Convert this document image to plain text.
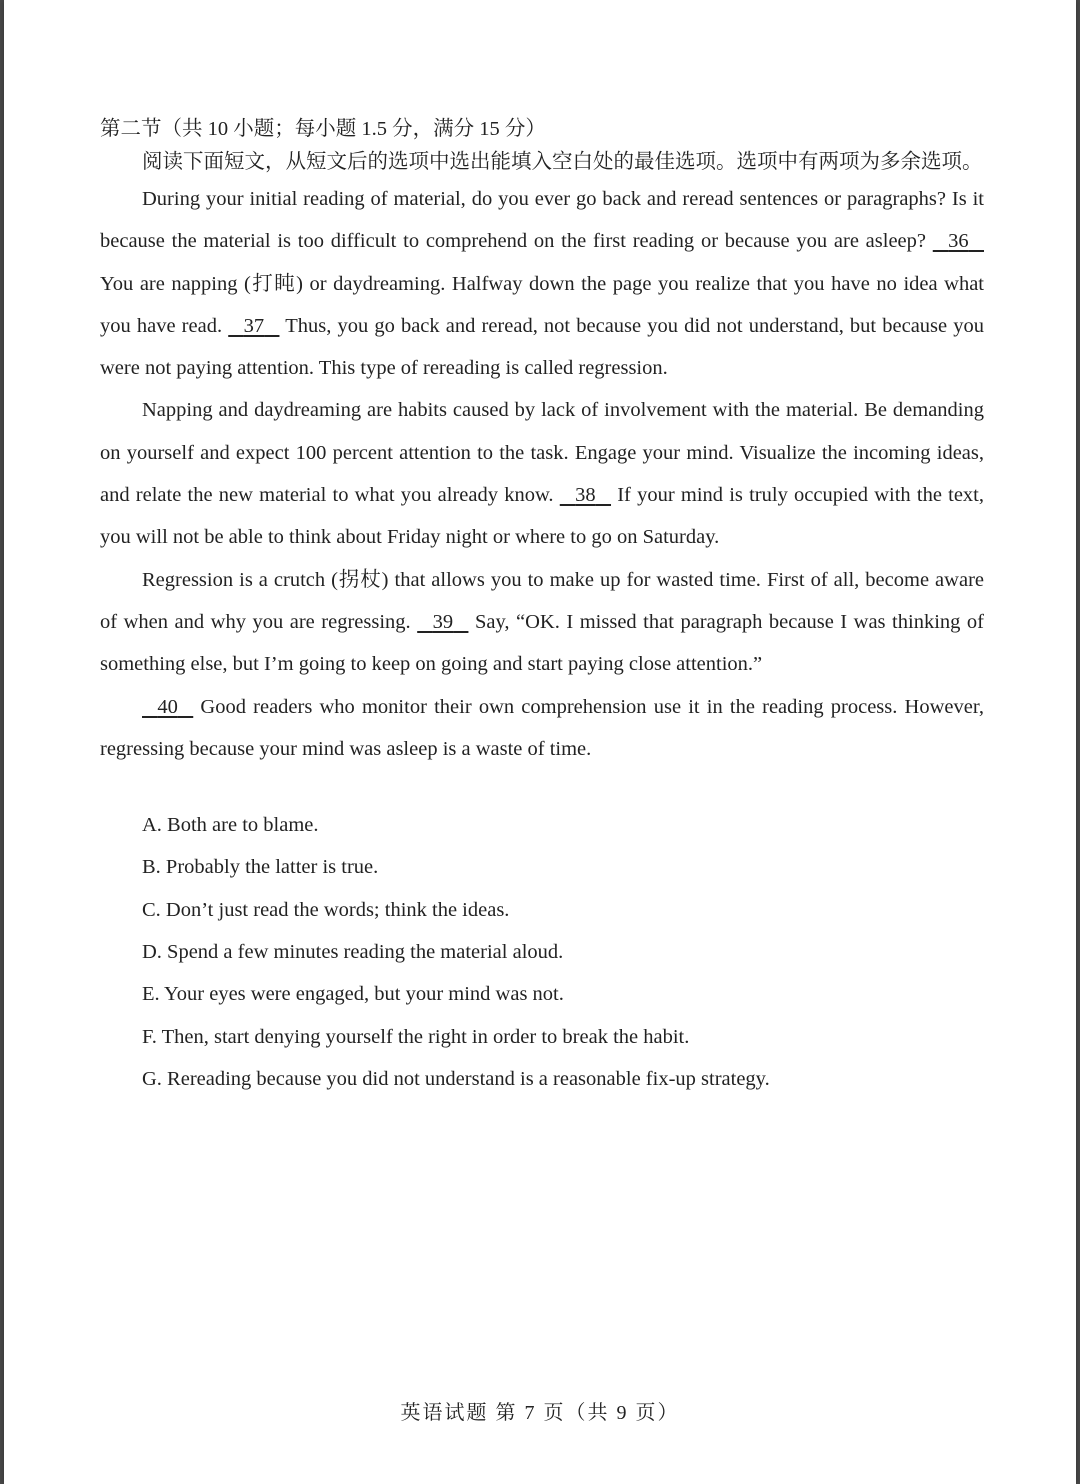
第二节（共 10 小题；每小题 1.5 分，满分 15 分）

阅读下面短文，从短文后的选项中选出能填入空白处的最佳选项。选项中有两项为多余选项。

During your initial reading of material, do you ever go back and reread sentences or paragraphs? Is it because the material is too difficult to comprehend on the first reading or because you are asleep?    36    You are napping (打盹) or daydreaming. Halfway down the page you realize that you have no idea what you have read.    37    Thus, you go back and reread, not because you did not understand, but because you were not paying attention. This type of rereading is called regression.

Napping and daydreaming are habits caused by lack of involvement with the material. Be demanding on yourself and expect 100 percent attention to the task. Engage your mind. Visualize the incoming ideas, and relate the new material to what you already know.    38    If your mind is truly occupied with the text, you will not be able to think about Friday night or where to go on Saturday.

Regression is a crutch (拐杖) that allows you to make up for wasted time. First of all, become aware of when and why you are regressing.    39    Say, “OK. I missed that paragraph because I was thinking of something else, but I’m going to keep on going and start paying close attention.”

40    Good readers who monitor their own comprehension use it in the reading process. However, regressing because your mind was asleep is a waste of time.

A. Both are to blame.

B. Probably the latter is true.

C. Don’t just read the words; think the ideas.

D. Spend a few minutes reading the material aloud.

E. Your eyes were engaged, but your mind was not.

F. Then, start denying yourself the right in order to break the habit.

G. Rereading because you did not understand is a reasonable fix-up strategy.

英语试题 第 7 页（共 9 页）
